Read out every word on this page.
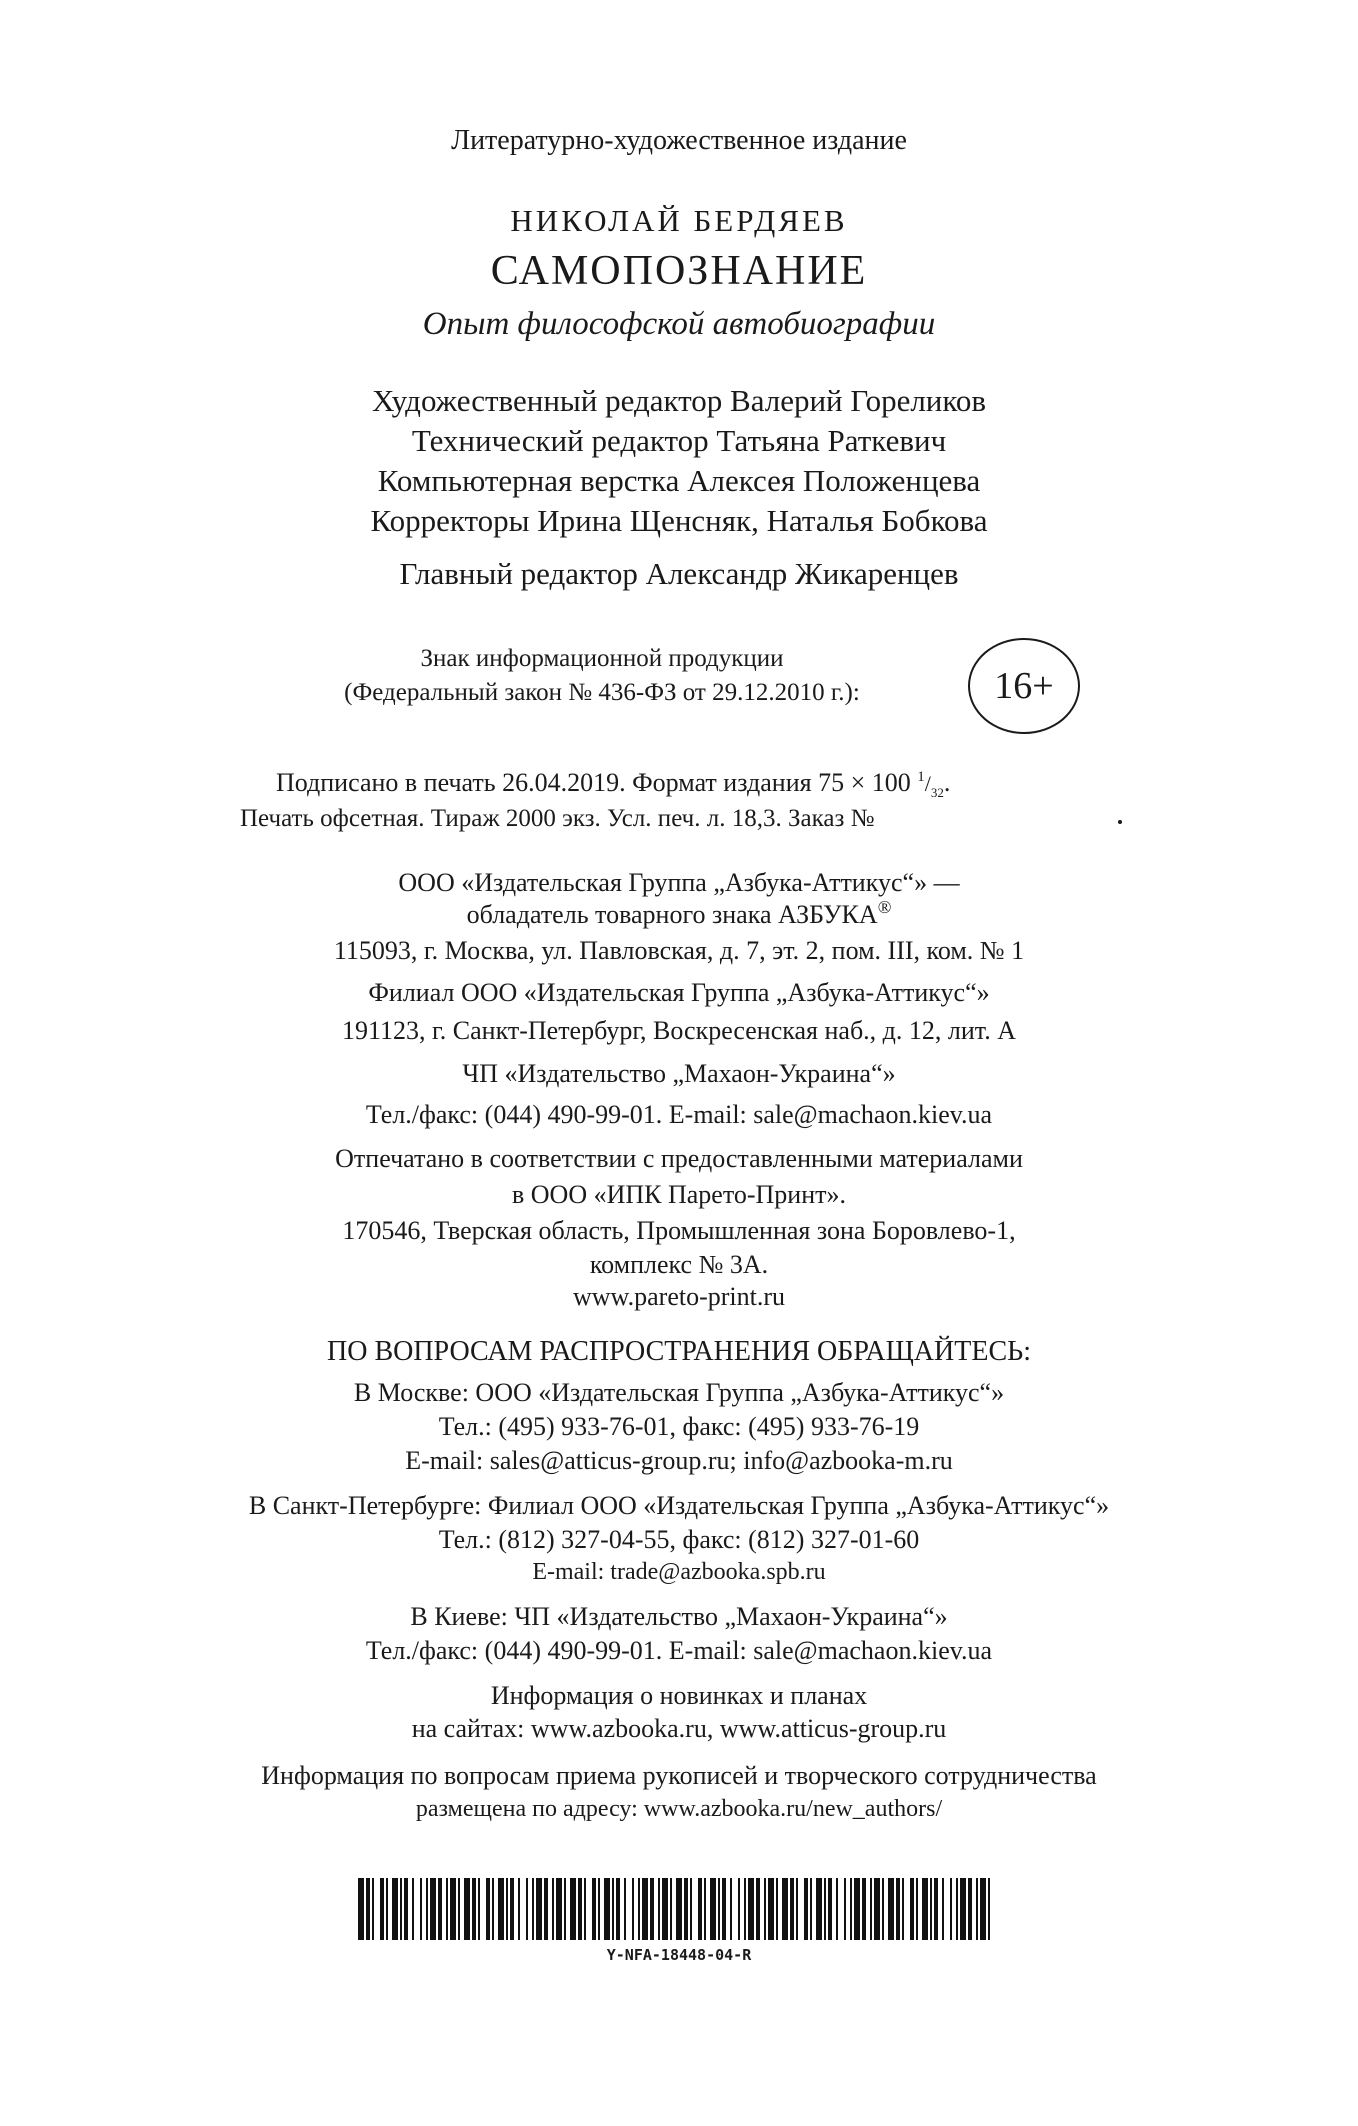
Литературно-художественное издание
НИКОЛАЙ БЕРДЯЕВ
САМОПОЗНАНИЕ
Опыт философской автобиографии
Художественный редактор Валерий Гореликов
Технический редактор Татьяна Раткевич
Компьютерная верстка Алексея Положенцева
Корректоры Ирина Щенсняк, Наталья Бобкова
Главный редактор Александр Жикаренцев
Знак информационной продукции
(Федеральный закон № 436-ФЗ от 29.12.2010 г.):	16+
Подписано в печать 26.04.2019. Формат издания 75 × 100 $^1/_{32}$.
Печать офсетная. Тираж 2000 экз. Усл. печ. л. 18,3. Заказ №
ООО «Издательская Группа „Азбука-Аттикус“» —
обладатель товарного знака АЗБУКА®
115093, г. Москва, ул. Павловская, д. 7, эт. 2, пом. III, ком. № 1
Филиал ООО «Издательская Группа „Азбука-Аттикус“»
191123, г. Санкт-Петербург, Воскресенская наб., д. 12, лит. А
ЧП «Издательство „Махаон-Украина“»
Тел./факс: (044) 490-99-01. E-mail: sale@machaon.kiev.ua
Отпечатано в соответствии с предоставленными материалами
в ООО «ИПК Парето-Принт».
170546, Тверская область, Промышленная зона Боровлево-1,
комплекс № 3А.
www.pareto-print.ru
ПО ВОПРОСАМ РАСПРОСТРАНЕНИЯ ОБРАЩАЙТЕСЬ:
В Москве: ООО «Издательская Группа „Азбука-Аттикус“»
Тел.: (495) 933-76-01, факс: (495) 933-76-19
E-mail: sales@atticus-group.ru; info@azbooka-m.ru
В Санкт-Петербурге: Филиал ООО «Издательская Группа „Азбука-Аттикус“»
Тел.: (812) 327-04-55, факс: (812) 327-01-60
E-mail: trade@azbooka.spb.ru
В Киеве: ЧП «Издательство „Махаон-Украина“»
Тел./факс: (044) 490-99-01. E-mail: sale@machaon.kiev.ua
Информация о новинках и планах
на сайтах: www.azbooka.ru, www.atticus-group.ru
Информация по вопросам приема рукописей и творческого сотрудничества
размещена по адресу: www.azbooka.ru/new_authors/
Y-NFA-18448-04-R
